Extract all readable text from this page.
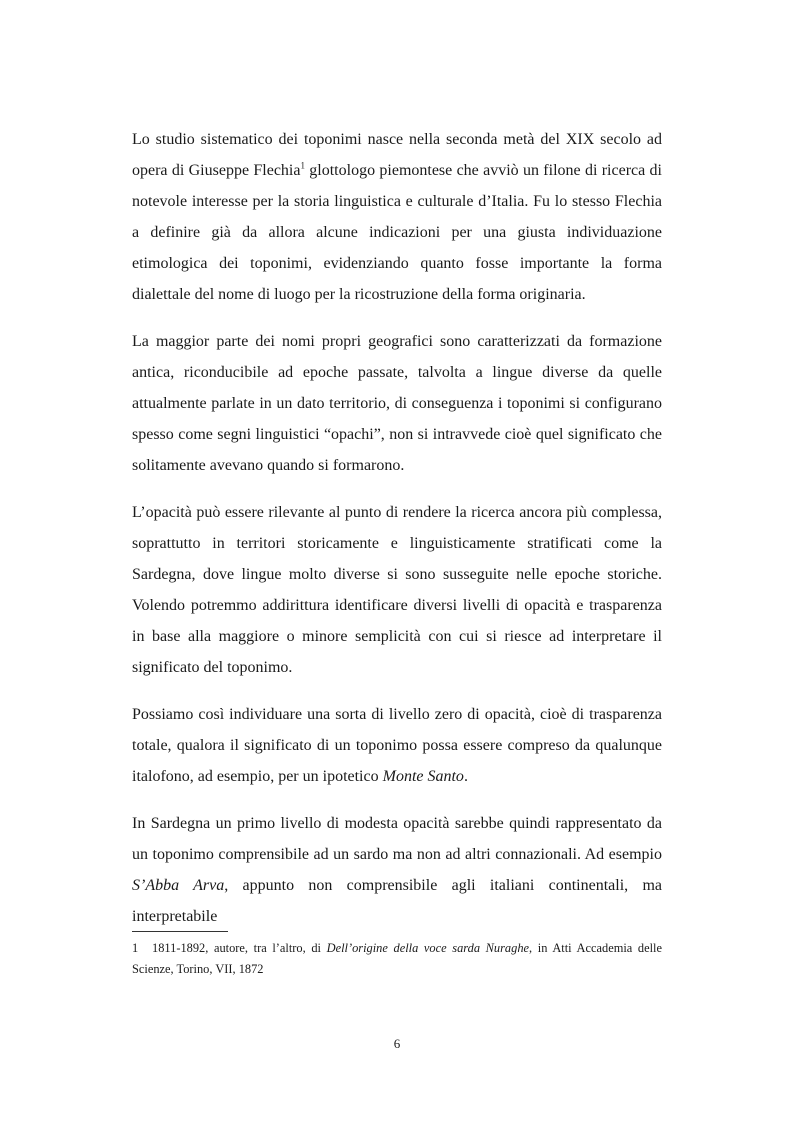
Lo studio sistematico dei toponimi nasce nella seconda metà del XIX secolo ad opera di Giuseppe Flechia$^1$ glottologo piemontese che avviò un filone di ricerca di notevole interesse per la storia linguistica e culturale d’Italia. Fu lo stesso Flechia a definire già da allora alcune indicazioni per una giusta individuazione etimologica dei toponimi, evidenziando quanto fosse importante la forma dialettale del nome di luogo per la ricostruzione della forma originaria.

La maggior parte dei nomi propri geografici sono caratterizzati da formazione antica, riconducibile ad epoche passate, talvolta a lingue diverse da quelle attualmente parlate in un dato territorio, di conseguenza i toponimi si configurano spesso come segni linguistici “opachi”, non si intravvede cioè quel significato che solitamente avevano quando si formarono.

L’opacità può essere rilevante al punto di rendere la ricerca ancora più complessa, soprattutto in territori storicamente e linguisticamente stratificati come la Sardegna, dove lingue molto diverse si sono susseguite nelle epoche storiche. Volendo potremmo addirittura identificare diversi livelli di opacità e trasparenza in base alla maggiore o minore semplicità con cui si riesce ad interpretare il significato del toponimo.

Possiamo così individuare una sorta di livello zero di opacità, cioè di trasparenza totale, qualora il significato di un toponimo possa essere compreso da qualunque italofono, ad esempio, per un ipotetico Monte Santo.

In Sardegna un primo livello di modesta opacità sarebbe quindi rappresentato da un toponimo comprensibile ad un sardo ma non ad altri connazionali. Ad esempio S’Abba Arva, appunto non comprensibile agli italiani continentali, ma interpretabile

1 1811-1892, autore, tra l’altro, di Dell’origine della voce sarda Nuraghe, in Atti Accademia delle Scienze, Torino, VII, 1872

6
